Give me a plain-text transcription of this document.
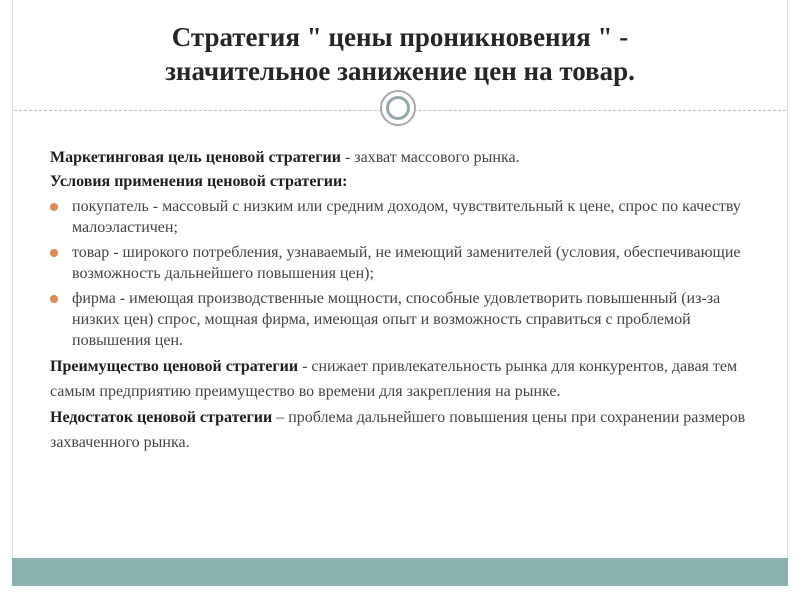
Стратегия " цены проникновения " -
значительное занижение цен на товар.

Маркетинговая цель ценовой стратегии - захват массового рынка.

Условия применения ценовой стратегии:

покупатель - массовый с низким или средним доходом, чувствительный к цене, спрос по качеству малоэластичен;
товар - широкого потребления, узнаваемый, не имеющий заменителей (условия, обеспечивающие возможность дальнейшего повышения цен);
фирма - имеющая производственные мощности, способные удовлетворить повышенный (из-за низких цен) спрос, мощная фирма, имеющая опыт и возможность справиться с проблемой повышения цен.

Преимущество ценовой стратегии - снижает привлекательность рынка для конкурентов, давая тем самым предприятию преимущество во времени для закрепления на рынке.

Недостаток ценовой стратегии – проблема дальнейшего повышения цены при сохранении размеров захваченного рынка.
